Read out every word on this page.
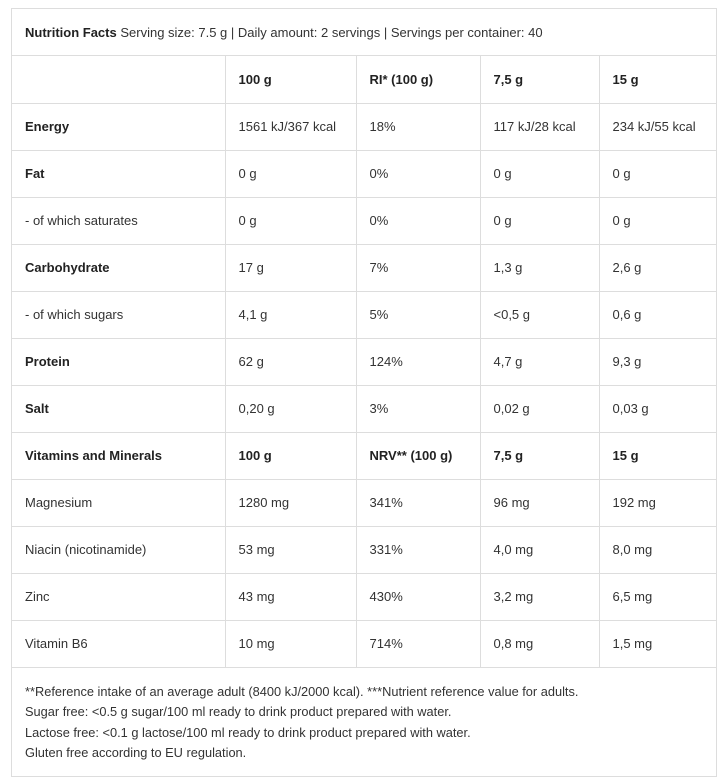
Nutrition Facts Serving size: 7.5 g | Daily amount: 2 servings | Servings per container: 40
	100 g	RI* (100 g)	7,5 g	15 g
Energy	1561 kJ/367 kcal	18%	117 kJ/28 kcal	234 kJ/55 kcal
Fat	0 g	0%	0 g	0 g
- of which saturates	0 g	0%	0 g	0 g
Carbohydrate	17 g	7%	1,3 g	2,6 g
- of which sugars	4,1 g	5%	<0,5 g	0,6 g
Protein	62 g	124%	4,7 g	9,3 g
Salt	0,20 g	3%	0,02 g	0,03 g
Vitamins and Minerals	100 g	NRV** (100 g)	7,5 g	15 g
Magnesium	1280 mg	341%	96 mg	192 mg
Niacin (nicotinamide)	53 mg	331%	4,0 mg	8,0 mg
Zinc	43 mg	430%	3,2 mg	6,5 mg
Vitamin B6	10 mg	714%	0,8 mg	1,5 mg
**Reference intake of an average adult (8400 kJ/2000 kcal). ***Nutrient reference value for adults.
Sugar free: <0.5 g sugar/100 ml ready to drink product prepared with water.
Lactose free: <0.1 g lactose/100 ml ready to drink product prepared with water.
Gluten free according to EU regulation.
